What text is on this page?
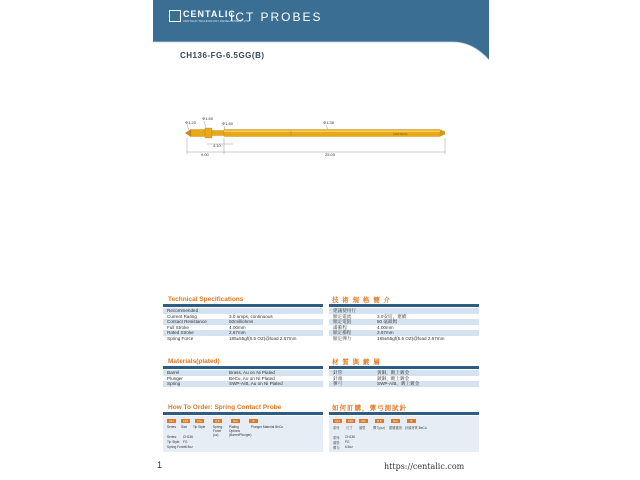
CENTALIC
CENTALIC TECHNOLOGY DEVELOPMENT LTD.
ICT PROBES
CH136-FG-6.5GG(B)
Φ1.20
Φ1.60
Φ1.60	Φ1.36
CENTALIC
4.10
9.00	25.00
Technical Specifications	技 術 規 格 簡 介
Recommended
Current Rating	3.0 amps, continuous
Contact Resistance	50milliohms
Full Stroke	4.00mm
Rated Stroke	2.67mm
Spring Force	185±55gf(6.5 OZ)@load 2.67mm
建議使用行
額定電流	3.0安培，連續
額定電阻	50 毫歐姆
滿衝程	4.00mm
額定衝程	2.67mm
額定彈力	185±55gf(6.5 OZ)@load 2.67mm
Materials(plated)	材 質 與 鍍 層
Barrel	Brass, Au on Ni Plated
Plunger	BeCu, Au on Ni Plated
Spring	SWP-A/B, Au on Ni Plated
針管	黃銅，鍍上鍍金
針頭	鈹銅，鍍上鍍金
彈弓	SWP-A/B，鍍上鍍金
How To Order: Spring Contact Probe	如何訂購，彈弓測試針
CH	136	FG	6.5	GG	B
Series Size Tip Style Spring Force (oz)
Plating Options (Barrel/Plunger)
Plunger Material BeCu
Series: CH136
Tip Style: FG
Spring Force:
6.5oz
CH	136	FG	6.5	GG	B
系列 尺寸 頭型 彈力(oz) 鍍層選項 針頭材質 BeCu
系列: CH136
頭型: FG
彈力: 6.5oz
1	https://centalic.com
